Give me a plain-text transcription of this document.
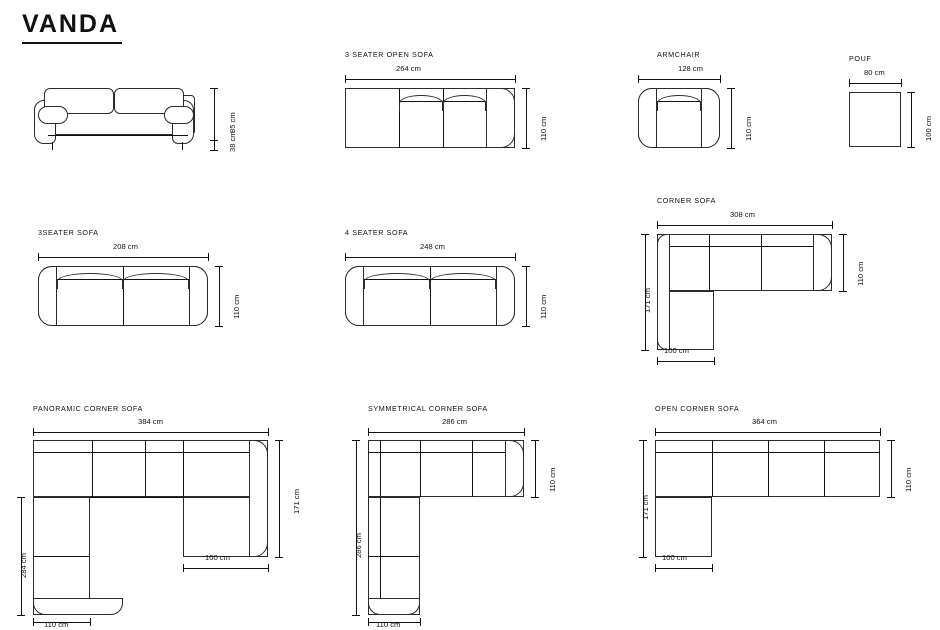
VANDA
85 cm
38 cm
3 SEATER OPEN SOFA
264 cm
110 cm
ARMCHAIR
128 cm
110 cm
POUF
80 cm
100 cm
3SEATER SOFA
208 cm
110 cm
4 SEATER SOFA
248 cm
110 cm
CORNER SOFA
308 cm
110 cm
171 cm
100 cm
PANORAMIC CORNER SOFA
384 cm
171 cm
284 cm	100 cm
110 cm
SYMMETRICAL CORNER SOFA
286 cm
110 cm
286 cm
110 cm
OPEN CORNER SOFA
364 cm
110 cm
171 cm
100 cm
